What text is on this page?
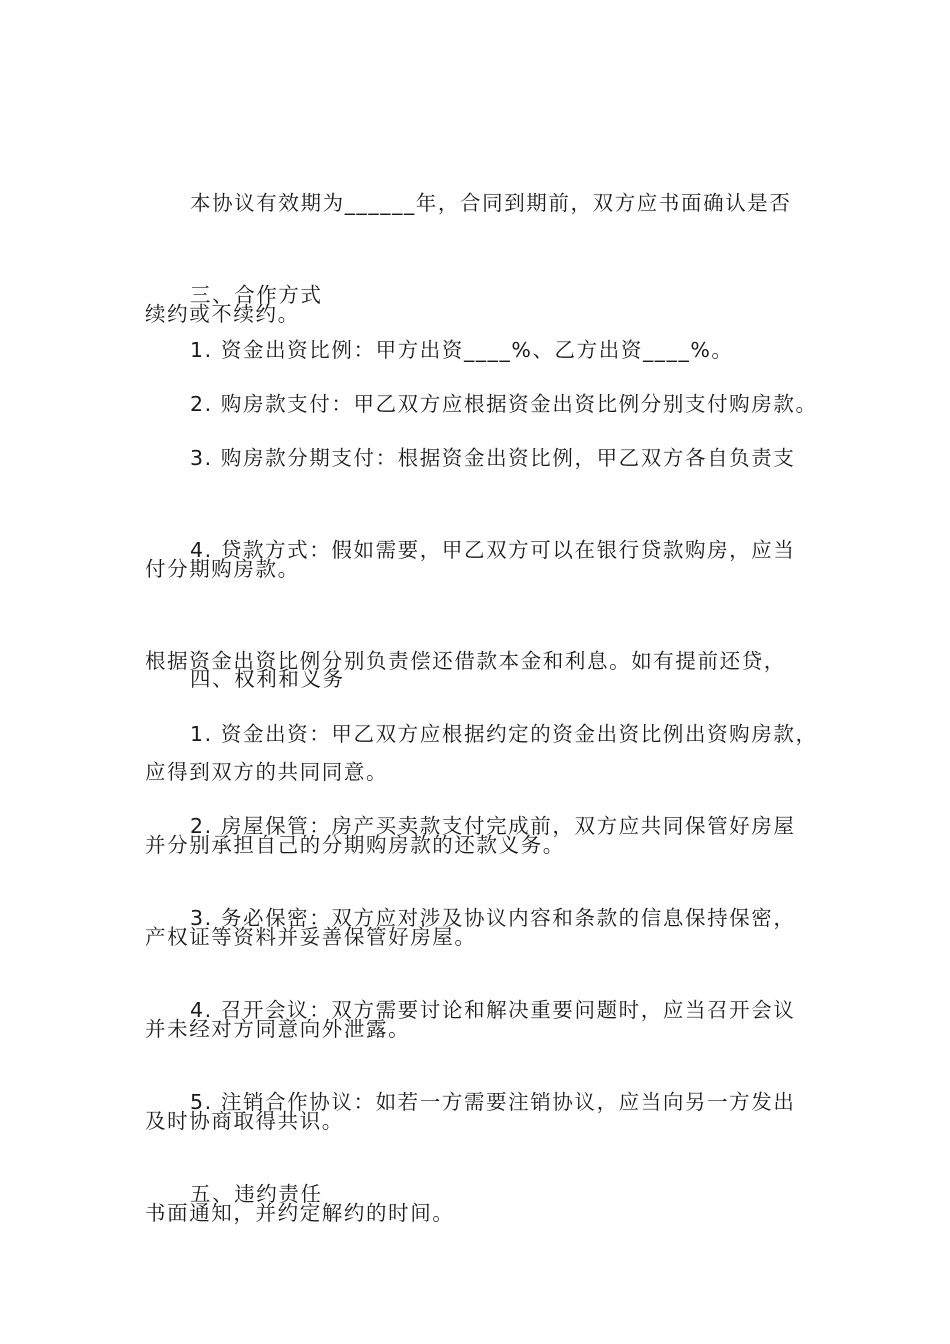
本协议有效期为______年，合同到期前，双方应书面确认是否

续约或不续约。

三、合作方式

1. 资金出资比例：甲方出资____%、乙方出资____%。

2. 购房款支付：甲乙双方应根据资金出资比例分别支付购房款。

3. 购房款分期支付：根据资金出资比例，甲乙双方各自负责支

付分期购房款。

4. 贷款方式：假如需要，甲乙双方可以在银行贷款购房，应当

根据资金出资比例分别负责偿还借款本金和利息。如有提前还贷，

应得到双方的共同同意。

四、权利和义务

1. 资金出资：甲乙双方应根据约定的资金出资比例出资购房款，

并分别承担自己的分期购房款的还款义务。

2. 房屋保管：房产买卖款支付完成前，双方应共同保管好房屋

产权证等资料并妥善保管好房屋。

3. 务必保密：双方应对涉及协议内容和条款的信息保持保密，

并未经对方同意向外泄露。

4. 召开会议：双方需要讨论和解决重要问题时，应当召开会议

及时协商取得共识。

5. 注销合作协议：如若一方需要注销协议，应当向另一方发出

书面通知，并约定解约的时间。

五、违约责任
